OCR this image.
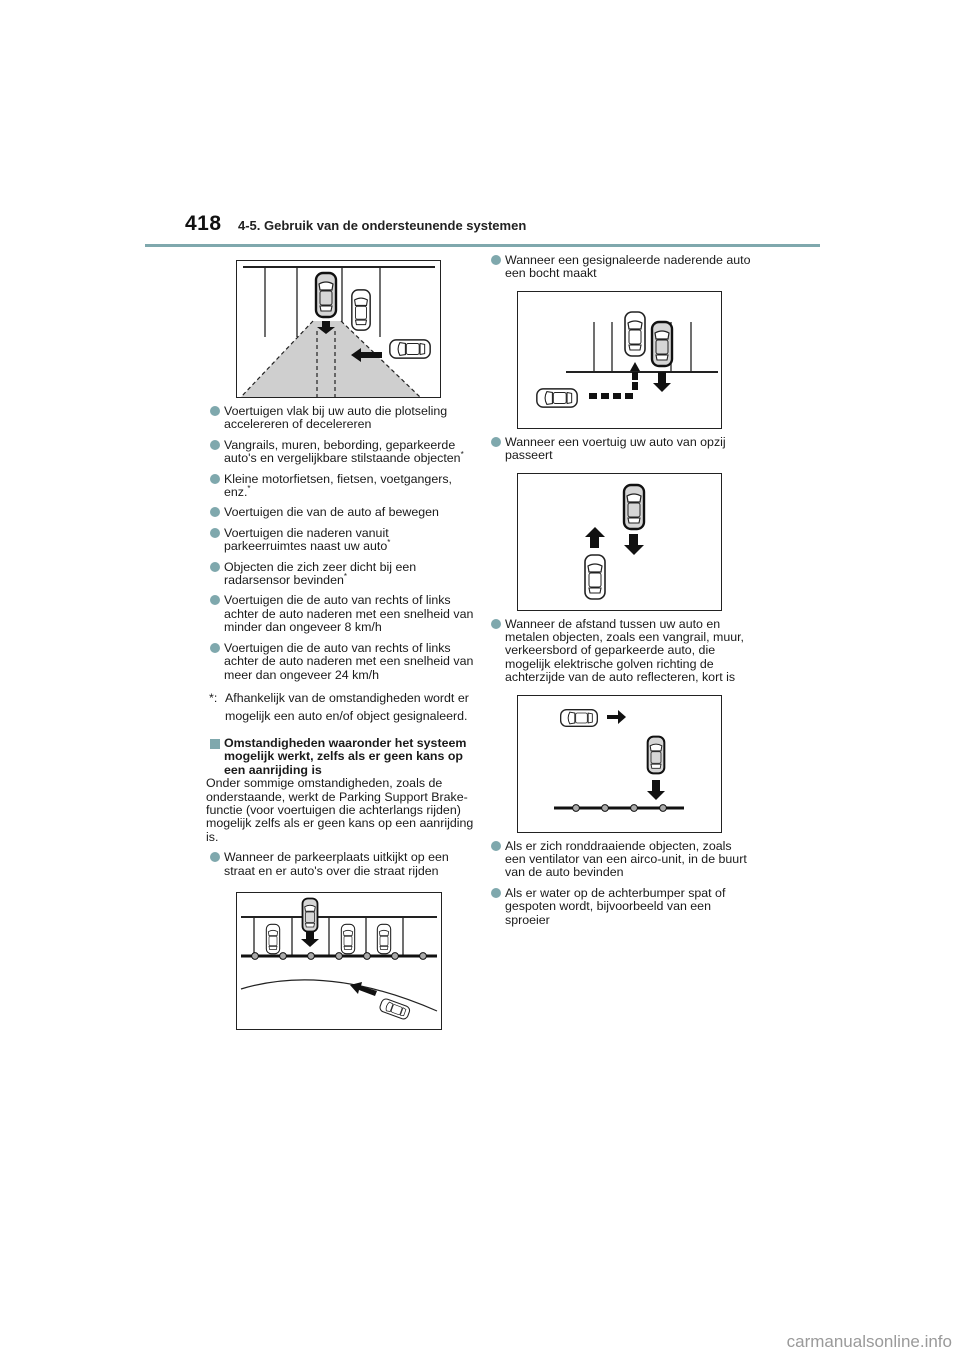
418 4-5. Gebruik van de ondersteunende systemen
Voertuigen vlak bij uw auto die plotseling accelereren of decelereren
Vangrails, muren, bebording, geparkeerde auto's en vergelijkbare stilstaande objecten*
Kleine motorfietsen, fietsen, voetgangers, enz.*
Voertuigen die van de auto af bewegen
Voertuigen die naderen vanuit parkeerruimtes naast uw auto*
Objecten die zich zeer dicht bij een radarsensor bevinden*
Voertuigen die de auto van rechts of links achter de auto naderen met een snelheid van minder dan ongeveer 8 km/h
Voertuigen die de auto van rechts of links achter de auto naderen met een snelheid van meer dan ongeveer 24 km/h
*: Afhankelijk van de omstandigheden wordt er mogelijk een auto en/of object gesignaleerd.
Omstandigheden waaronder het systeem mogelijk werkt, zelfs als er geen kans op een aanrijding is
Onder sommige omstandigheden, zoals de onderstaande, werkt de Parking Support Brake-functie (voor voertuigen die achterlangs rijden) mogelijk zelfs als er geen kans op een aanrijding is.
Wanneer de parkeerplaats uitkijkt op een straat en er auto's over die straat rijden
Wanneer een gesignaleerde naderende auto een bocht maakt
Wanneer een voertuig uw auto van opzij passeert
Wanneer de afstand tussen uw auto en metalen objecten, zoals een vangrail, muur, verkeersbord of geparkeerde auto, die mogelijk elektrische golven richting de achterzijde van de auto reflecteren, kort is
Als er zich ronddraaiende objecten, zoals een ventilator van een airco-unit, in de buurt van de auto bevinden
Als er water op de achterbumper spat of gespoten wordt, bijvoorbeeld van een sproeier
carmanualsonline.info
